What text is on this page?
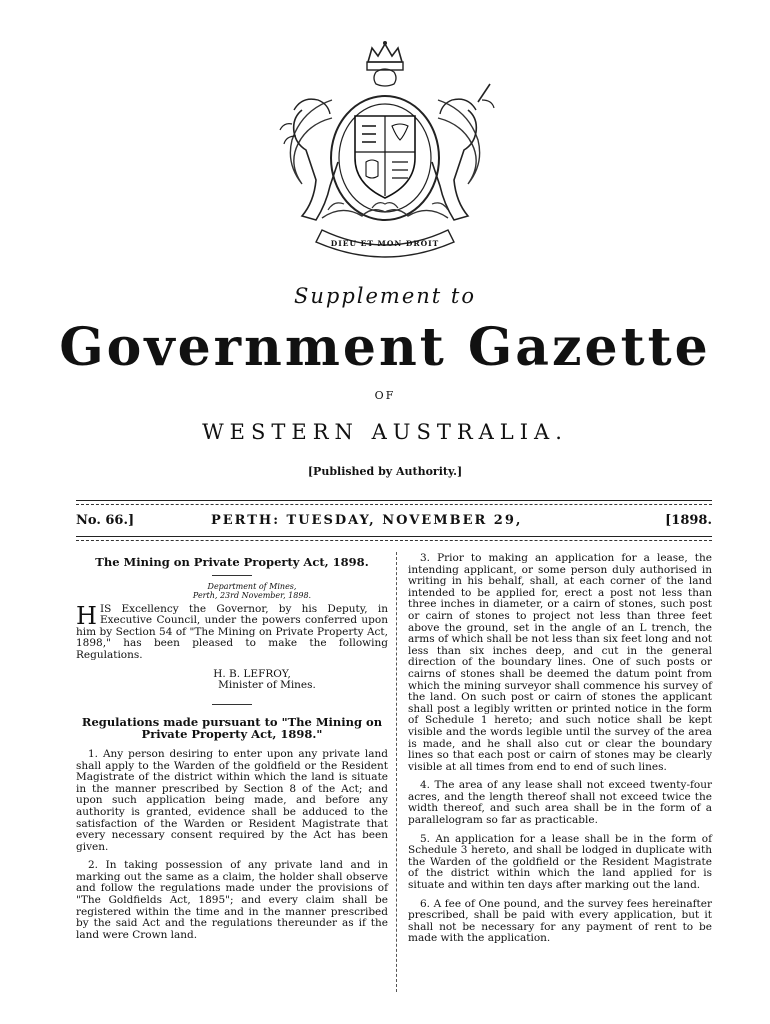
DIEU ET MON DROIT
Supplement to
Government Gazette
OF
WESTERN AUSTRALIA.
[Published by Authority.]
No. 66.]	PERTH: TUESDAY, NOVEMBER 29,	[1898.
The Mining on Private Property Act, 1898.
Department of Mines,
Perth, 23rd November, 1898.

HIS Excellency the Governor, by his Deputy, in Executive Council, under the powers conferred upon him by Section 54 of "The Mining on Private Property Act, 1898," has been pleased to make the following Regulations.

H. B. LEFROY,
Minister of Mines.
Regulations made pursuant to "The Mining on
Private Property Act, 1898."

1. Any person desiring to enter upon any private land shall apply to the Warden of the goldfield or the Resident Magistrate of the district within which the land is situate in the manner prescribed by Section 8 of the Act; and upon such application being made, and before any authority is granted, evidence shall be adduced to the satisfaction of the Warden or Resident Magistrate that every necessary consent required by the Act has been given.

2. In taking possession of any private land and in marking out the same as a claim, the holder shall observe and follow the regulations made under the provisions of "The Goldfields Act, 1895"; and every claim shall be registered within the time and in the manner prescribed by the said Act and the regulations thereunder as if the land were Crown land.

3. Prior to making an application for a lease, the intending applicant, or some person duly authorised in writing in his behalf, shall, at each corner of the land intended to be applied for, erect a post not less than three inches in diameter, or a cairn of stones, such post or cairn of stones to project not less than three feet above the ground, set in the angle of an L trench, the arms of which shall be not less than six feet long and not less than six inches deep, and cut in the general direction of the boundary lines. One of such posts or cairns of stones shall be deemed the datum point from which the mining surveyor shall commence his survey of the land. On such post or cairn of stones the applicant shall post a legibly written or printed notice in the form of Schedule 1 hereto; and such notice shall be kept visible and the words legible until the survey of the area is made, and he shall also cut or clear the boundary lines so that each post or cairn of stones may be clearly visible at all times from end to end of such lines.

4. The area of any lease shall not exceed twenty-four acres, and the length thereof shall not exceed twice the width thereof, and such area shall be in the form of a parallelogram so far as practicable.

5. An application for a lease shall be in the form of Schedule 3 hereto, and shall be lodged in duplicate with the Warden of the goldfield or the Resident Magistrate of the district within which the land applied for is situate and within ten days after marking out the land.

6. A fee of One pound, and the survey fees hereinafter prescribed, shall be paid with every application, but it shall not be necessary for any payment of rent to be made with the application.
